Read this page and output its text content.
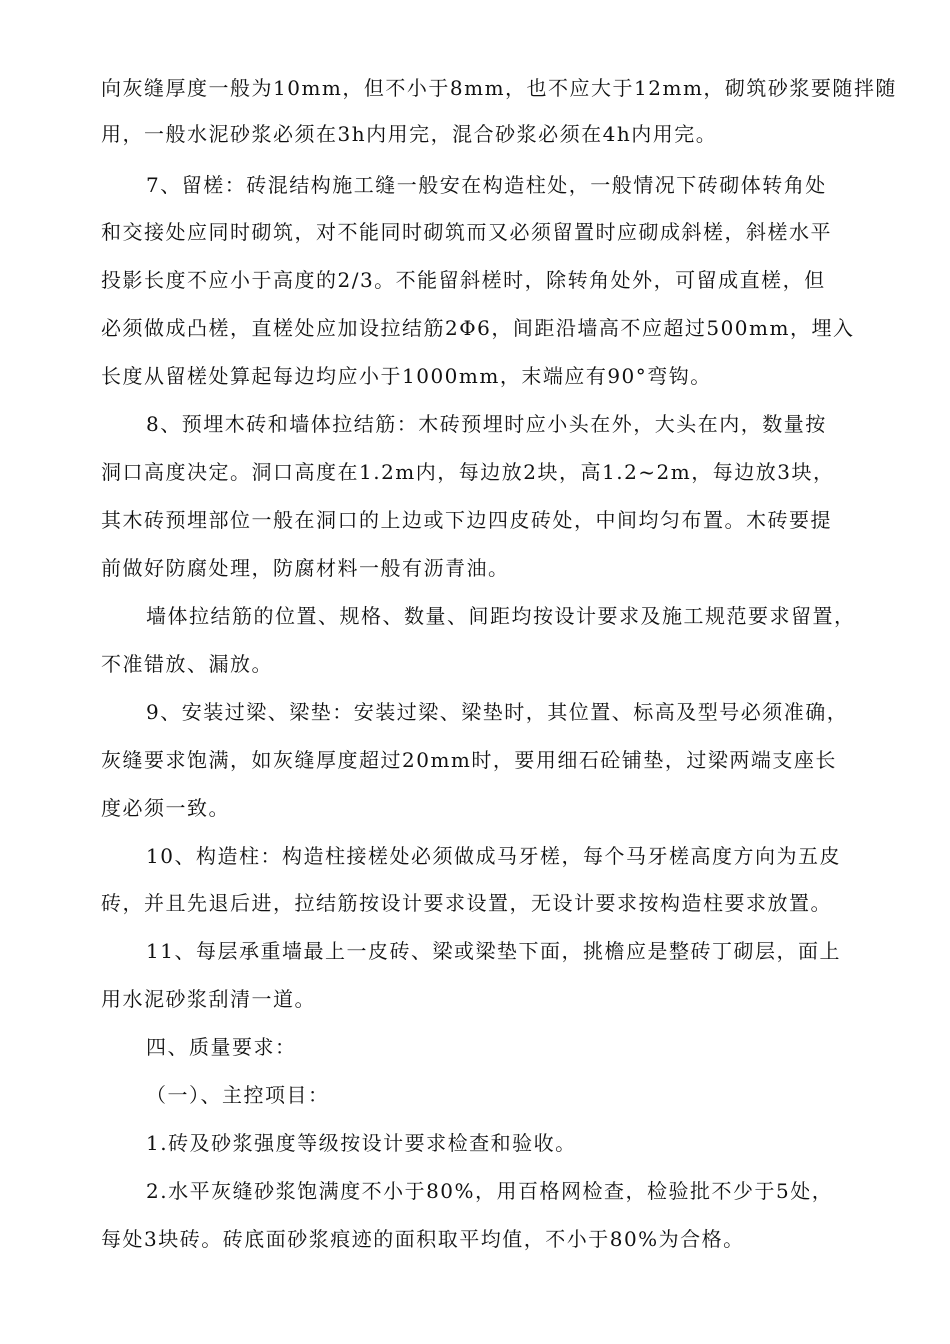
向灰缝厚度一般为10mm，但不小于8mm，也不应大于12mm，砌筑砂浆要随拌随
用，一般水泥砂浆必须在3h内用完，混合砂浆必须在4h内用完。
7、留槎：砖混结构施工缝一般安在构造柱处，一般情况下砖砌体转角处
和交接处应同时砌筑，对不能同时砌筑而又必须留置时应砌成斜槎，斜槎水平
投影长度不应小于高度的2/3。不能留斜槎时，除转角处外，可留成直槎，但
必须做成凸槎，直槎处应加设拉结筋2Φ6，间距沿墙高不应超过500mm，埋入
长度从留槎处算起每边均应小于1000mm，末端应有90°弯钩。
8、预埋木砖和墙体拉结筋：木砖预埋时应小头在外，大头在内，数量按
洞口高度决定。洞口高度在1.2m内，每边放2块，高1.2~2m，每边放3块，
其木砖预埋部位一般在洞口的上边或下边四皮砖处，中间均匀布置。木砖要提
前做好防腐处理，防腐材料一般有沥青油。
墙体拉结筋的位置、规格、数量、间距均按设计要求及施工规范要求留置，
不准错放、漏放。
9、安装过梁、梁垫：安装过梁、梁垫时，其位置、标高及型号必须准确，
灰缝要求饱满，如灰缝厚度超过20mm时，要用细石砼铺垫，过梁两端支座长
度必须一致。
10、构造柱：构造柱接槎处必须做成马牙槎，每个马牙槎高度方向为五皮
砖，并且先退后进，拉结筋按设计要求设置，无设计要求按构造柱要求放置。
11、每层承重墙最上一皮砖、梁或梁垫下面，挑檐应是整砖丁砌层，面上
用水泥砂浆刮清一道。
四、质量要求：
（一）、主控项目：
1.砖及砂浆强度等级按设计要求检查和验收。
2.水平灰缝砂浆饱满度不小于80%，用百格网检查，检验批不少于5处，
每处3块砖。砖底面砂浆痕迹的面积取平均值，不小于80%为合格。
